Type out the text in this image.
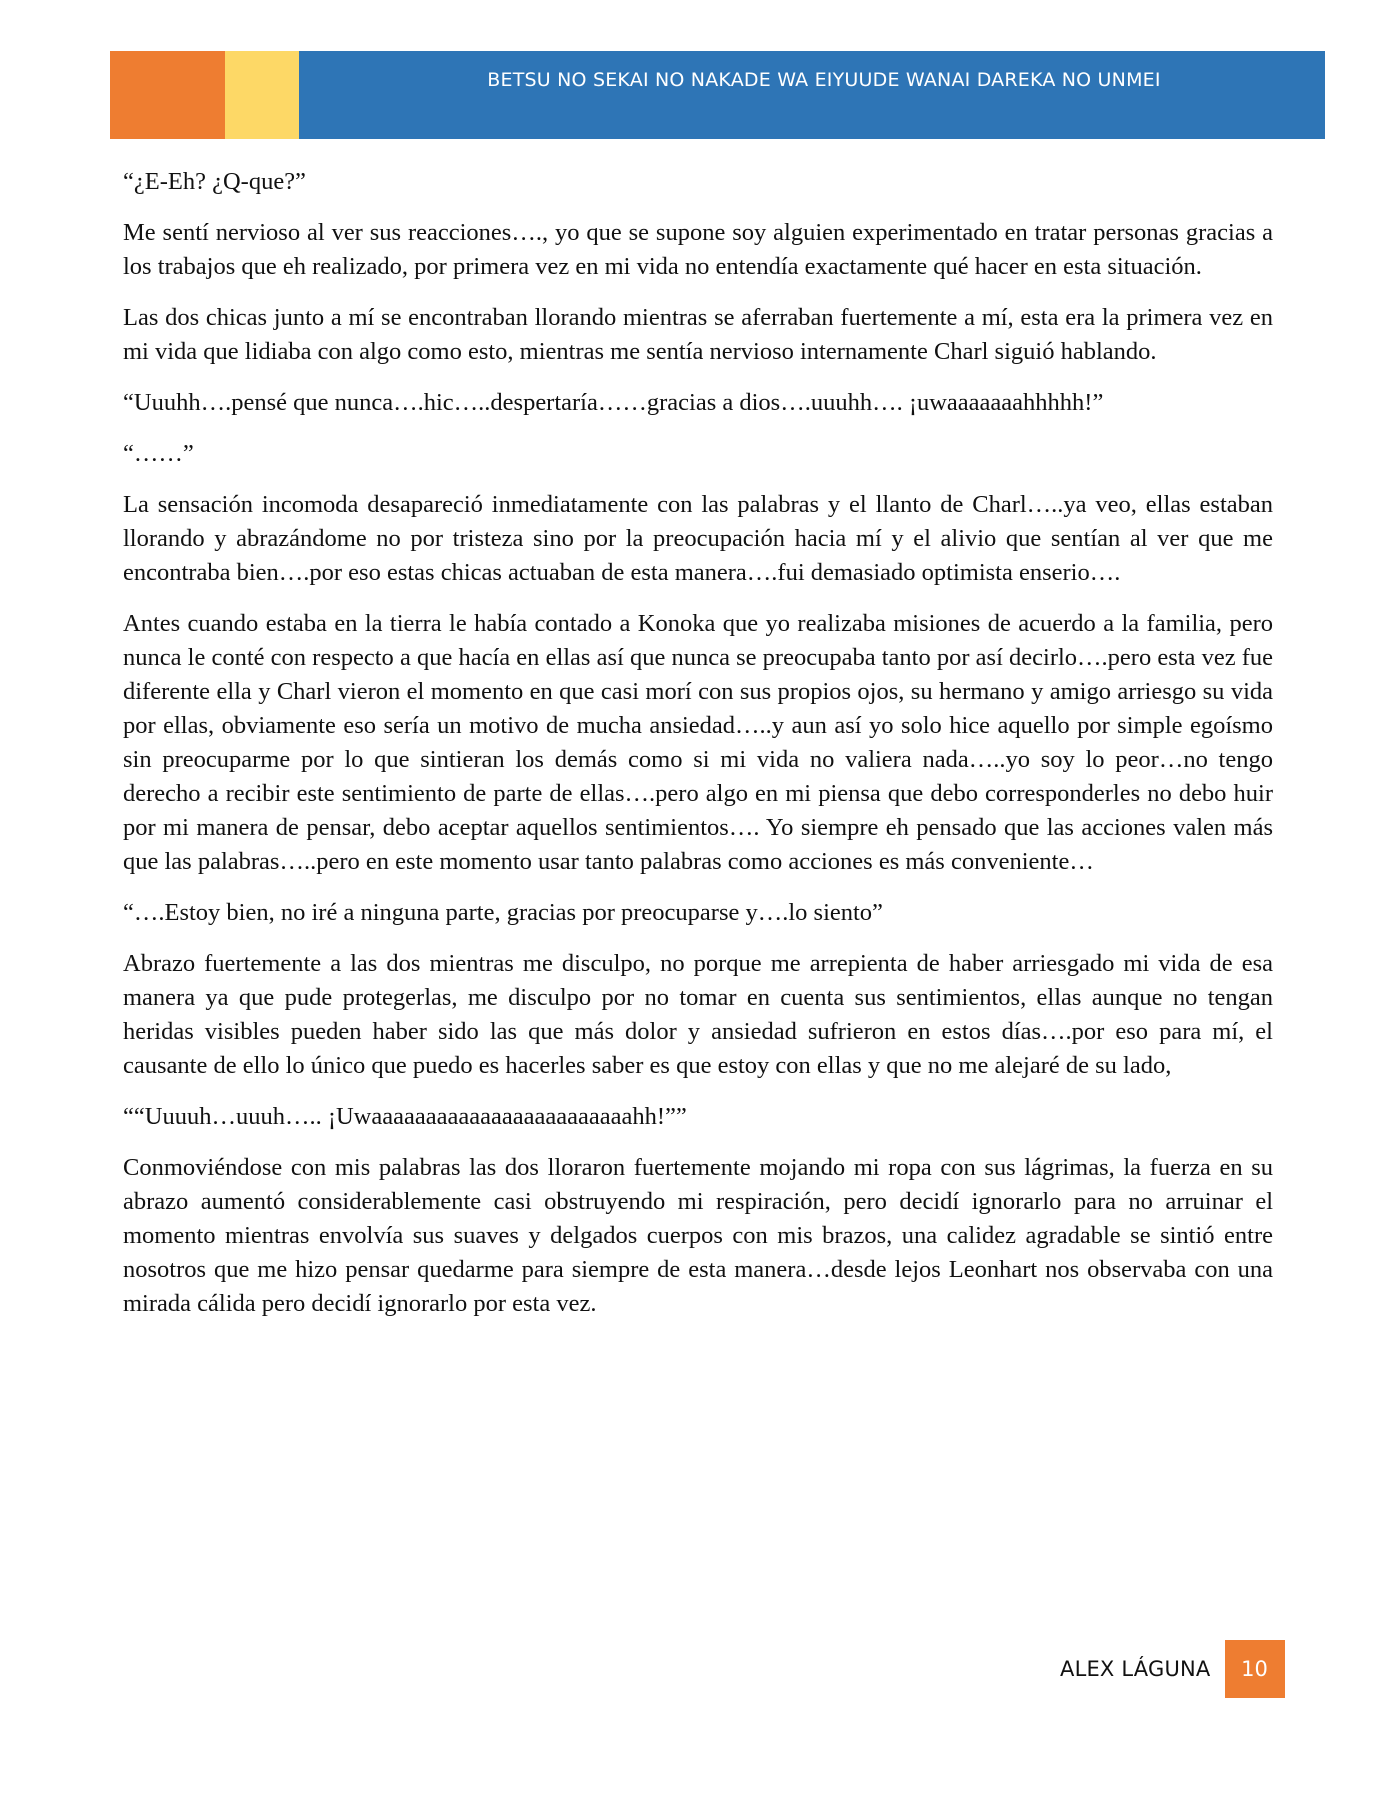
BETSU NO SEKAI NO NAKADE WA EIYUUDE WANAI DAREKA NO UNMEI

“¿E-Eh? ¿Q-que?”

Me sentí nervioso al ver sus reacciones…., yo que se supone soy alguien experimentado en tratar personas gracias a los trabajos que eh realizado, por primera vez en mi vida no entendía exactamente qué hacer en esta situación.

Las dos chicas junto a mí se encontraban llorando mientras se aferraban fuertemente a mí, esta era la primera vez en mi vida que lidiaba con algo como esto, mientras me sentía nervioso internamente Charl siguió hablando.

“Uuuhh….pensé que nunca….hic…..despertaría……gracias a dios….uuuhh…. ¡uwaaaaaaahhhhh!”

“……”

La sensación incomoda desapareció inmediatamente con las palabras y el llanto de Charl…..ya veo, ellas estaban llorando y abrazándome no por tristeza sino por la preocupación hacia mí y el alivio que sentían al ver que me encontraba bien….por eso estas chicas actuaban de esta manera….fui demasiado optimista enserio….

Antes cuando estaba en la tierra le había contado a Konoka que yo realizaba misiones de acuerdo a la familia, pero nunca le conté con respecto a que hacía en ellas así que nunca se preocupaba tanto por así decirlo….pero esta vez fue diferente ella y Charl vieron el momento en que casi morí con sus propios ojos, su hermano y amigo arriesgo su vida por ellas, obviamente eso sería un motivo de mucha ansiedad…..y aun así yo solo hice aquello por simple egoísmo sin preocuparme por lo que sintieran los demás como si mi vida no valiera nada…..yo soy lo peor…no tengo derecho a recibir este sentimiento de parte de ellas….pero algo en mi piensa que debo corresponderles no debo huir por mi manera de pensar, debo aceptar aquellos sentimientos…. Yo siempre eh pensado que las acciones valen más que las palabras…..pero en este momento usar tanto palabras como acciones es más conveniente…

“….Estoy bien, no iré a ninguna parte, gracias por preocuparse y….lo siento”

Abrazo fuertemente a las dos mientras me disculpo, no porque me arrepienta de haber arriesgado mi vida de esa manera ya que pude protegerlas, me disculpo por no tomar en cuenta sus sentimientos, ellas aunque no tengan heridas visibles pueden haber sido las que más dolor y ansiedad sufrieron en estos días….por eso para mí, el causante de ello lo único que puedo es hacerles saber es que estoy con ellas y que no me alejaré de su lado,

““Uuuuh…uuuh….. ¡Uwaaaaaaaaaaaaaaaaaaaaaaaahh!””

Conmoviéndose con mis palabras las dos lloraron fuertemente mojando mi ropa con sus lágrimas, la fuerza en su abrazo aumentó considerablemente casi obstruyendo mi respiración, pero decidí ignorarlo para no arruinar el momento mientras envolvía sus suaves y delgados cuerpos con mis brazos, una calidez agradable se sintió entre nosotros que me hizo pensar quedarme para siempre de esta manera…desde lejos Leonhart nos observaba con una mirada cálida pero decidí ignorarlo por esta vez.

ALEX LÁGUNA	10
